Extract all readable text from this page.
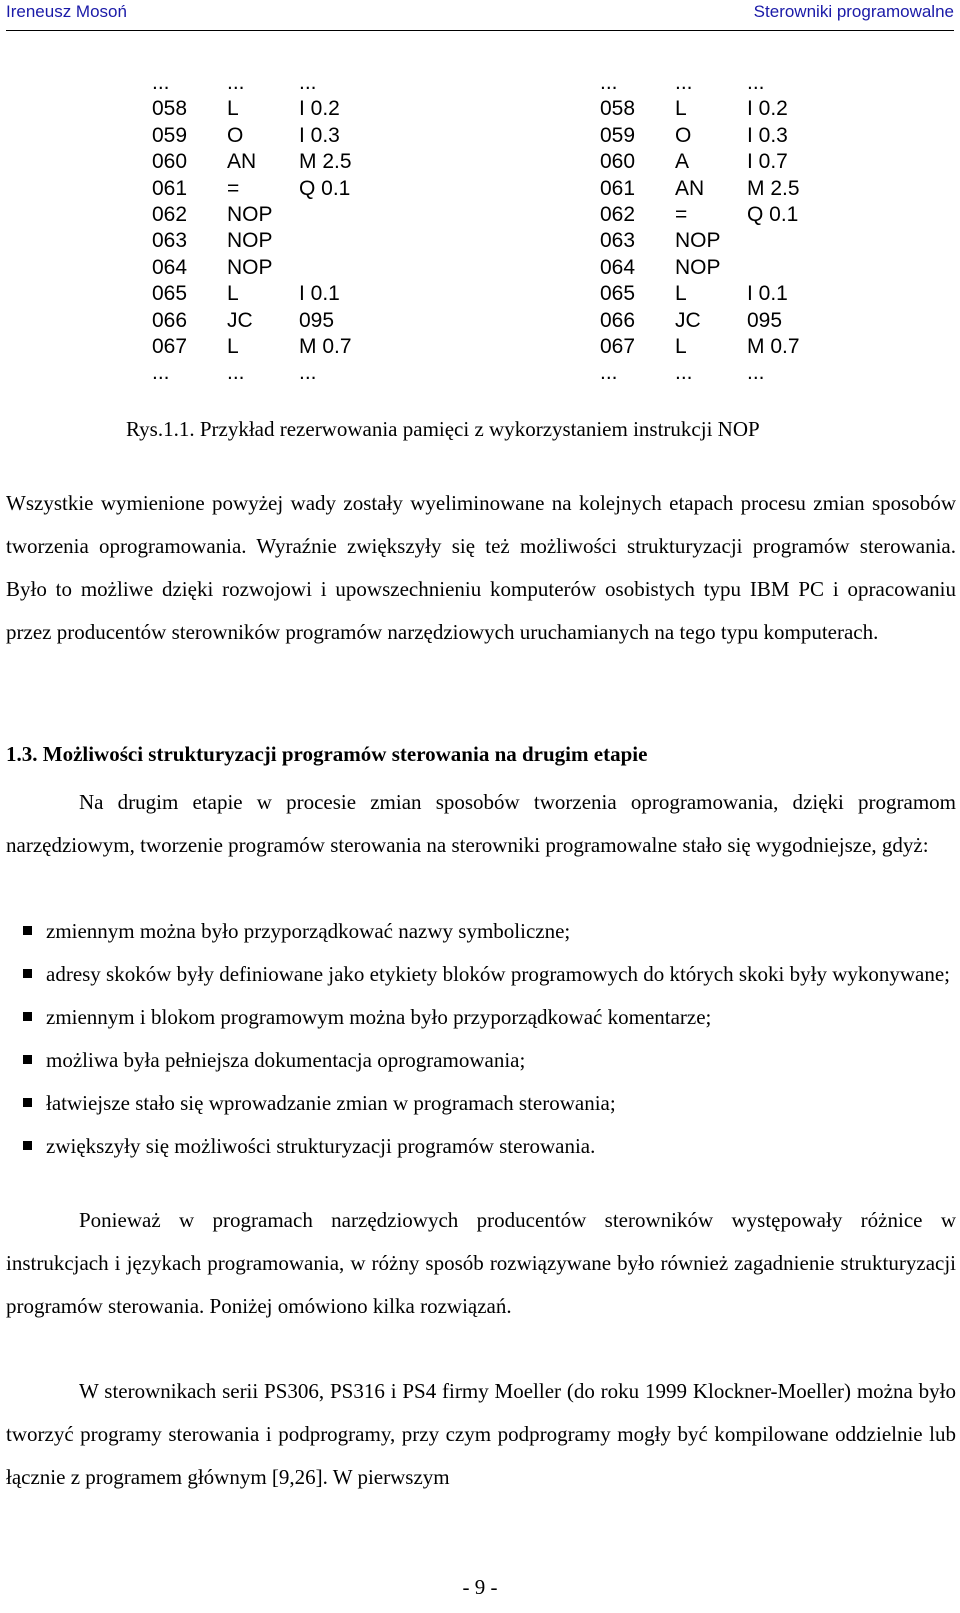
Ireneusz Mosoń	Sterowniki programowalne
...	...	...
058 L	I 0.2
059 O	I 0.3
060 AN M 2.5
061 =	Q 0.1
062 NOP
063 NOP
064 NOP
065 L	I 0.1
066 JC 095
067 L	M 0.7
...	...	...
...	...	...
058 L	I 0.2
059 O	I 0.3
060 A	I 0.7
061 AN M 2.5
062 =	Q 0.1
063 NOP
064 NOP
065 L	I 0.1
066 JC 095
067 L	M 0.7
...	...	...
Rys.1.1. Przykład rezerwowania pamięci z wykorzystaniem instrukcji NOP

Wszystkie wymienione powyżej wady zostały wyeliminowane na kolejnych etapach procesu zmian sposobów tworzenia oprogramowania. Wyraźnie zwiększyły się też możliwości strukturyzacji programów sterowania. Było to możliwe dzięki rozwojowi i upowszechnieniu komputerów osobistych typu IBM PC i opracowaniu przez producentów sterowników programów narzędziowych uruchamianych na tego typu komputerach.

1.3. Możliwości strukturyzacji programów sterowania na drugim etapie

Na drugim etapie w procesie zmian sposobów tworzenia oprogramowania, dzięki programom narzędziowym, tworzenie programów sterowania na sterowniki programowalne stało się wygodniejsze, gdyż:

zmiennym można było przyporządkować nazwy symboliczne;
adresy skoków były definiowane jako etykiety bloków programowych do których skoki były wykonywane;
zmiennym i blokom programowym można było przyporządkować komentarze;
możliwa była pełniejsza dokumentacja oprogramowania;
łatwiejsze stało się wprowadzanie zmian w programach sterowania;
zwiększyły się możliwości strukturyzacji programów sterowania.

Ponieważ w programach narzędziowych producentów sterowników występowały różnice w instrukcjach i językach programowania, w różny sposób rozwiązywane było również zagadnienie strukturyzacji programów sterowania. Poniżej omówiono kilka rozwiązań.

W sterownikach serii PS306, PS316 i PS4 firmy Moeller (do roku 1999 Klockner-Moeller) można było tworzyć programy sterowania i podprogramy, przy czym podprogramy mogły być kompilowane oddzielnie lub łącznie z programem głównym [9,26]. W pierwszym

- 9 -
